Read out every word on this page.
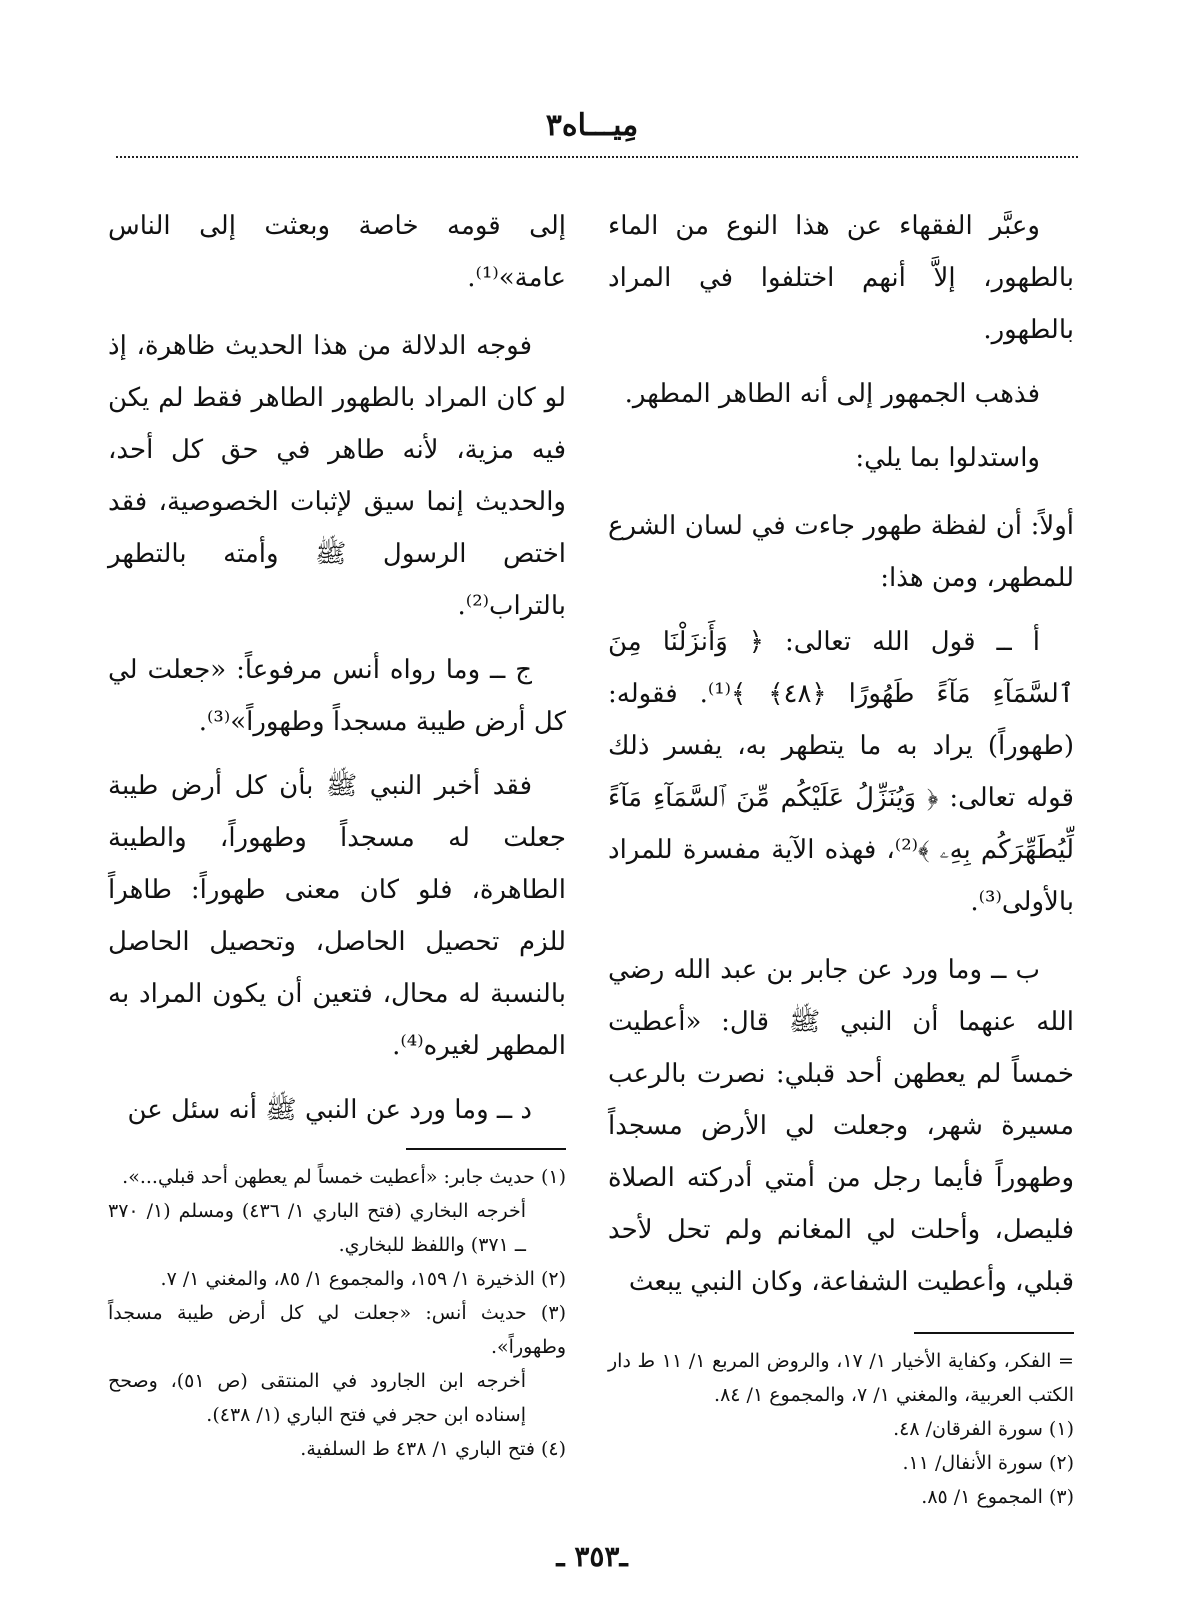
مِيـــاه٣

وعبَّر الفقهاء عن هذا النوع من الماء بالطهور، إلاَّ أنهم اختلفوا في المراد بالطهور.

فذهب الجمهور إلى أنه الطاهر المطهر.

واستدلوا بما يلي:

أولاً: أن لفظة طهور جاءت في لسان الشرع للمطهر، ومن هذا:

أ ــ قول الله تعالى: ﴿ وَأَنزَلْنَا مِنَ ٱلسَّمَآءِ مَآءً طَهُورًا ﴿٤٨﴾ ﴾⁽¹⁾. فقوله: (طهوراً) يراد به ما يتطهر به، يفسر ذلك قوله تعالى: ﴿ وَيُنَزِّلُ عَلَيْكُم مِّنَ ٱلسَّمَآءِ مَآءً لِّيُطَهِّرَكُم بِهِۦ ﴾⁽²⁾، فهذه الآية مفسرة للمراد بالأولى⁽³⁾.

ب ــ وما ورد عن جابر بن عبد الله رضي الله عنهما أن النبي ﷺ قال: «أعطيت خمساً لم يعطهن أحد قبلي: نصرت بالرعب مسيرة شهر، وجعلت لي الأرض مسجداً وطهوراً فأيما رجل من أمتي أدركته الصلاة فليصل، وأحلت لي المغانم ولم تحل لأحد قبلي، وأعطيت الشفاعة، وكان النبي يبعث

= الفكر، وكفاية الأخيار ١/ ١٧، والروض المربع ١/ ١١ ط دار الكتب العربية، والمغني ١/ ٧، والمجموع ١/ ٨٤.

(١) سورة الفرقان/ ٤٨.

(٢) سورة الأنفال/ ١١.

(٣) المجموع ١/ ٨٥.

إلى قومه خاصة وبعثت إلى الناس عامة»⁽¹⁾.

فوجه الدلالة من هذا الحديث ظاهرة، إذ لو كان المراد بالطهور الطاهر فقط لم يكن فيه مزية، لأنه طاهر في حق كل أحد، والحديث إنما سيق لإثبات الخصوصية، فقد اختص الرسول ﷺ وأمته بالتطهر بالتراب⁽²⁾.

ج ــ وما رواه أنس مرفوعاً: «جعلت لي كل أرض طيبة مسجداً وطهوراً»⁽³⁾.

فقد أخبر النبي ﷺ بأن كل أرض طيبة جعلت له مسجداً وطهوراً، والطيبة الطاهرة، فلو كان معنى طهوراً: طاهراً للزم تحصيل الحاصل، وتحصيل الحاصل بالنسبة له محال، فتعين أن يكون المراد به المطهر لغيره⁽⁴⁾.

د ــ وما ورد عن النبي ﷺ أنه سئل عن

(١) حديث جابر: «أعطيت خمساً لم يعطهن أحد قبلي...».

أخرجه البخاري (فتح الباري ١/ ٤٣٦) ومسلم (١/ ٣٧٠ ــ ٣٧١) واللفظ للبخاري.

(٢) الذخيرة ١/ ١٥٩، والمجموع ١/ ٨٥، والمغني ١/ ٧.

(٣) حديث أنس: «جعلت لي كل أرض طيبة مسجداً وطهوراً».

أخرجه ابن الجارود في المنتقى (ص ٥١)، وصحح إسناده ابن حجر في فتح الباري (١/ ٤٣٨).

(٤) فتح الباري ١/ ٤٣٨ ط السلفية.

ـ٣٥٣ ـ
